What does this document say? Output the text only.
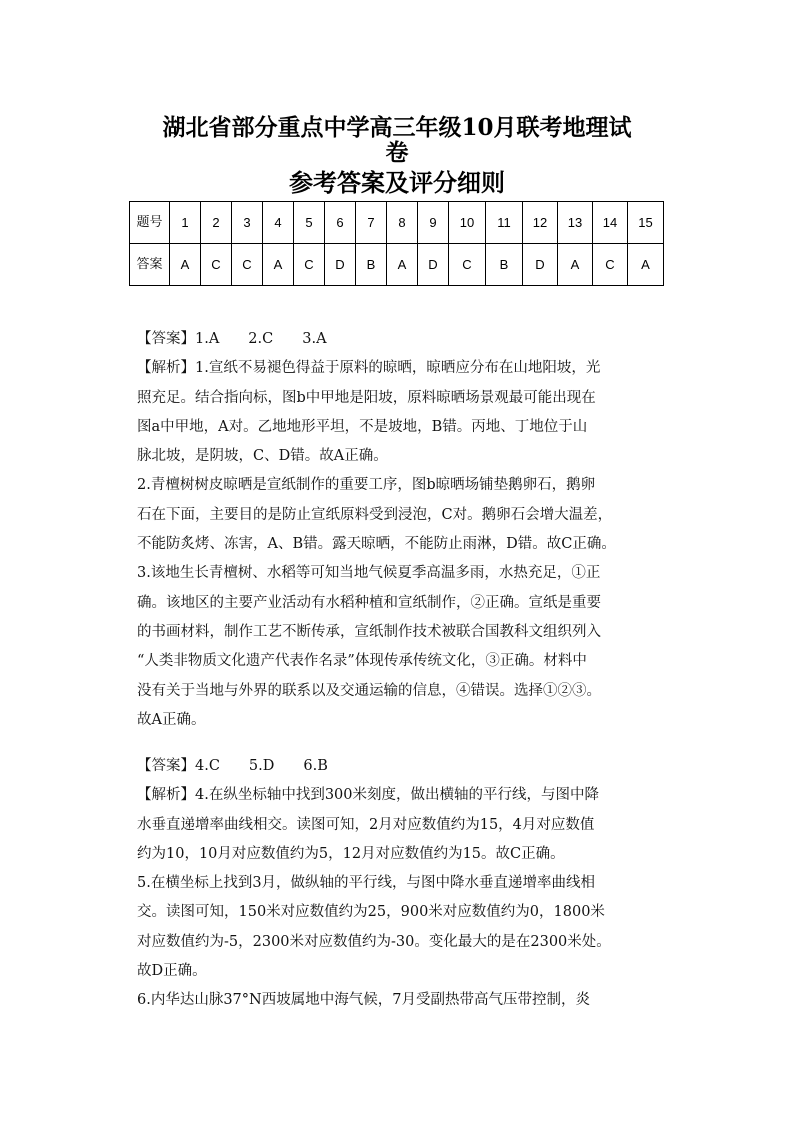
湖北省部分重点中学高三年级10月联考地理试
卷
参考答案及评分细则
题号	1	2	3	4	5	6	7	8	9	10	11	12	13	14	15
答案	A	C	C	A	C	D	B	A	D	C	B	D	A	C	A

【答案】1.A　　2.C　　3.A

【解析】1.宣纸不易褪色得益于原料的晾晒，晾晒应分布在山地阳坡，光

照充足。结合指向标，图b中甲地是阳坡，原料晾晒场景观最可能出现在

图a中甲地，A对。乙地地形平坦，不是坡地，B错。丙地、丁地位于山

脉北坡，是阴坡，C、D错。故A正确。

2.青檀树树皮晾晒是宣纸制作的重要工序，图b晾晒场铺垫鹅卵石，鹅卵

石在下面，主要目的是防止宣纸原料受到浸泡，C对。鹅卵石会增大温差，

不能防炙烤、冻害，A、B错。露天晾晒，不能防止雨淋，D错。故C正确。

3.该地生长青檀树、水稻等可知当地气候夏季高温多雨，水热充足，①正

确。该地区的主要产业活动有水稻种植和宣纸制作，②正确。宣纸是重要

的书画材料，制作工艺不断传承，宣纸制作技术被联合国教科文组织列入

“人类非物质文化遗产代表作名录”体现传承传统文化，③正确。材料中

没有关于当地与外界的联系以及交通运输的信息，④错误。选择①②③。

故A正确。

【答案】4.C　　5.D　　6.B

【解析】4.在纵坐标轴中找到300米刻度，做出横轴的平行线，与图中降

水垂直递增率曲线相交。读图可知，2月对应数值约为15，4月对应数值

约为10，10月对应数值约为5，12月对应数值约为15。故C正确。

5.在横坐标上找到3月，做纵轴的平行线，与图中降水垂直递增率曲线相

交。读图可知，150米对应数值约为25，900米对应数值约为0，1800米

对应数值约为-5，2300米对应数值约为-30。变化最大的是在2300米处。

故D正确。

6.内华达山脉37°N西坡属地中海气候，7月受副热带高气压带控制，炎
